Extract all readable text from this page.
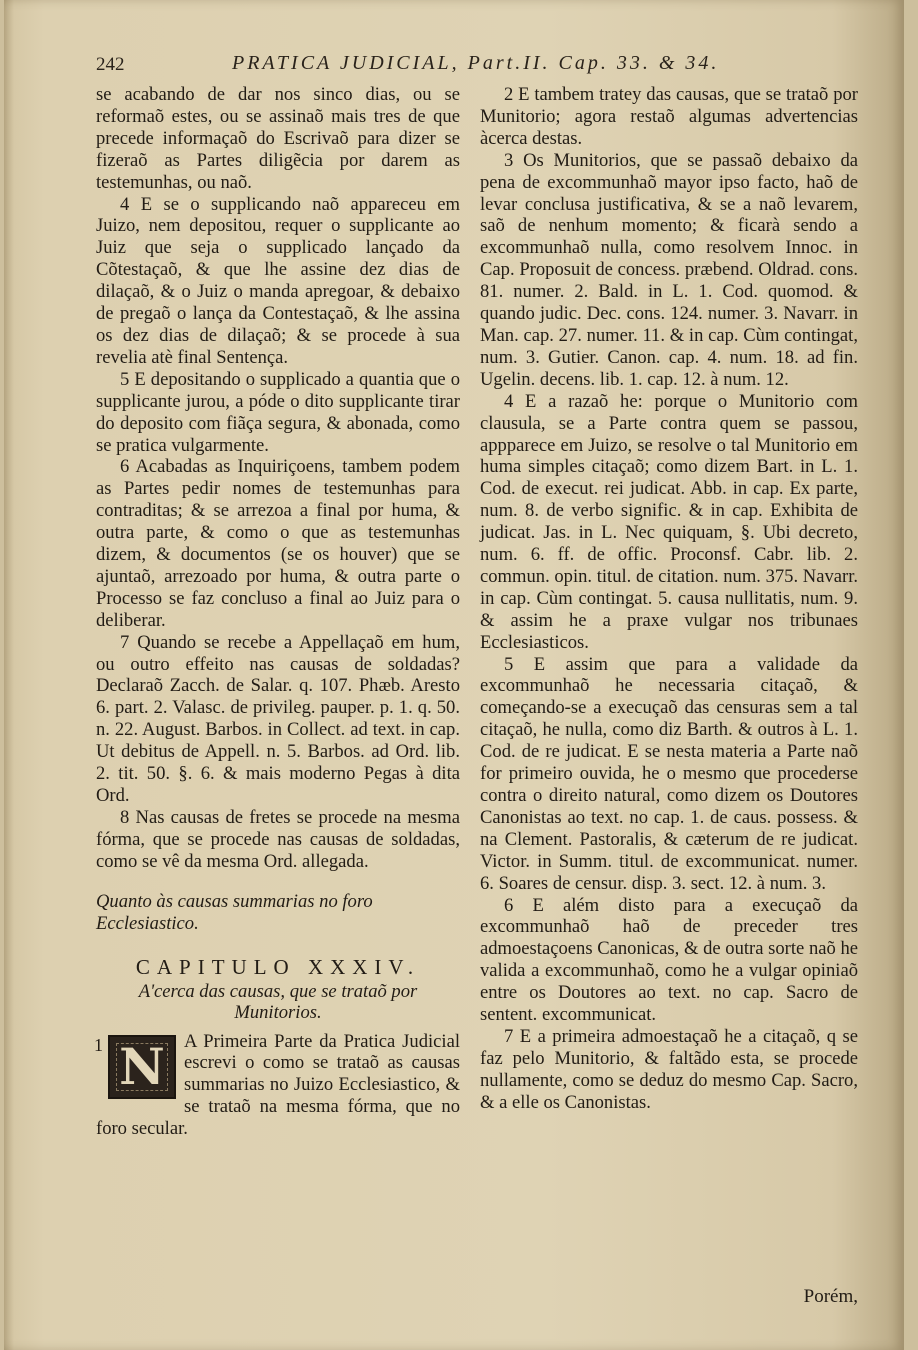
242	PRATICA JUDICIAL, Part.II. Cap. 33. & 34.

se acabando de dar nos sinco dias, ou se reformaõ estes, ou se assinaõ mais tres de que precede informaçaõ do Escrivaõ para dizer se fizeraõ as Partes diligẽcia por darem as testemunhas, ou naõ.

4 E se o supplicando naõ appareceu em Juizo, nem depositou, requer o supplicante ao Juiz que seja o supplicado lançado da Cõtestaçaõ, & que lhe assine dez dias de dilaçaõ, & o Juiz o manda apregoar, & debaixo de pregaõ o lança da Contestaçaõ, & lhe assina os dez dias de dilaçaõ; & se procede à sua revelia atè final Sentença.

5 E depositando o supplicado a quantia que o supplicante jurou, a póde o dito supplicante tirar do deposito com fiãça segura, & abonada, como se pratica vulgarmente.

6 Acabadas as Inquiriçoens, tambem podem as Partes pedir nomes de testemunhas para contraditas; & se arrezoa a final por huma, & outra parte, & como o que as testemunhas dizem, & documentos (se os houver) que se ajuntaõ, arrezoado por huma, & outra parte o Processo se faz concluso a final ao Juiz para o deliberar.

7 Quando se recebe a Appellaçaõ em hum, ou outro effeito nas causas de soldadas? Declaraõ Zacch. de Salar. q. 107. Phæb. Aresto 6. part. 2. Valasc. de privileg. pauper. p. 1. q. 50. n. 22. August. Barbos. in Collect. ad text. in cap. Ut debitus de Appell. n. 5. Barbos. ad Ord. lib. 2. tit. 50. §. 6. & mais moderno Pegas à dita Ord.

8 Nas causas de fretes se procede na mesma fórma, que se procede nas causas de soldadas, como se vê da mesma Ord. allegada.

Quanto às causas summarias no foro Ecclesiastico.
CAPITULO XXXIV.
A'cerca das causas, que se trataõ por Munitorios.
1 N	A Primeira Parte da Pratica Judicial escrevi o como se trataõ as causas summarias no Juizo Ecclesiastico, & se trataõ na mesma fórma, que no foro secular.

2 E tambem tratey das causas, que se trataõ por Munitorio; agora restaõ algumas advertencias àcerca destas.

3 Os Munitorios, que se passaõ debaixo da pena de excommunhaõ mayor ipso facto, haõ de levar conclusa justificativa, & se a naõ levarem, saõ de nenhum momento; & ficarà sendo a excommunhaõ nulla, como resolvem Innoc. in Cap. Proposuit de concess. præbend. Oldrad. cons. 81. numer. 2. Bald. in L. 1. Cod. quomod. & quando judic. Dec. cons. 124. numer. 3. Navarr. in Man. cap. 27. numer. 11. & in cap. Cùm contingat, num. 3. Gutier. Canon. cap. 4. num. 18. ad fin. Ugelin. decens. lib. 1. cap. 12. à num. 12.

4 E a razaõ he: porque o Munitorio com clausula, se a Parte contra quem se passou, appparece em Juizo, se resolve o tal Munitorio em huma simples citaçaõ; como dizem Bart. in L. 1. Cod. de execut. rei judicat. Abb. in cap. Ex parte, num. 8. de verbo signific. & in cap. Exhibita de judicat. Jas. in L. Nec quiquam, §. Ubi decreto, num. 6. ff. de offic. Proconsf. Cabr. lib. 2. commun. opin. titul. de citation. num. 375. Navarr. in cap. Cùm contingat. 5. causa nullitatis, num. 9. & assim he a praxe vulgar nos tribunaes Ecclesiasticos.

5 E assim que para a validade da excommunhaõ he necessaria citaçaõ, & começando-se a execuçaõ das censuras sem a tal citaçaõ, he nulla, como diz Barth. & outros à L. 1. Cod. de re judicat. E se nesta materia a Parte naõ for primeiro ouvida, he o mesmo que procederse contra o direito natural, como dizem os Doutores Canonistas ao text. no cap. 1. de caus. possess. & na Clement. Pastoralis, & cæterum de re judicat. Victor. in Summ. titul. de excommunicat. numer. 6. Soares de censur. disp. 3. sect. 12. à num. 3.

6 E além disto para a execuçaõ da excommunhaõ haõ de preceder tres admoestaçoens Canonicas, & de outra sorte naõ he valida a excommunhaõ, como he a vulgar opiniaõ entre os Doutores ao text. no cap. Sacro de sentent. excommunicat.

7 E a primeira admoestaçaõ he a citaçaõ, q se faz pelo Munitorio, & faltãdo esta, se procede nullamente, como se deduz do mesmo Cap. Sacro, & a elle os Canonistas.

Porém,
